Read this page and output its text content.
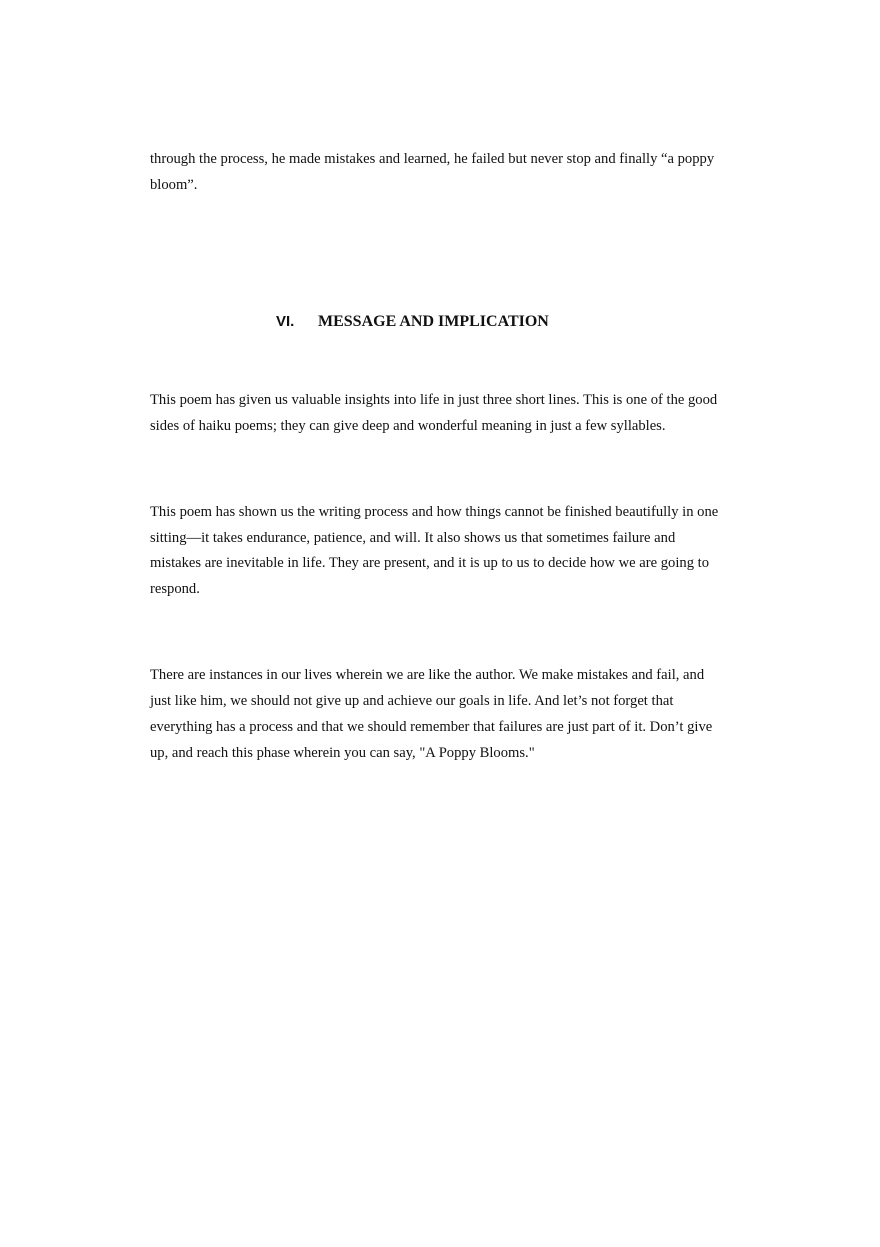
through the process, he made mistakes and learned, he failed but never stop and finally “a poppy
bloom”.
VI. MESSAGE AND IMPLICATION
This poem has given us valuable insights into life in just three short lines. This is one of the good
sides of haiku poems; they can give deep and wonderful meaning in just a few syllables.
This poem has shown us the writing process and how things cannot be finished beautifully in one
sitting—it takes endurance, patience, and will. It also shows us that sometimes failure and
mistakes are inevitable in life. They are present, and it is up to us to decide how we are going to
respond.
There are instances in our lives wherein we are like the author. We make mistakes and fail, and
just like him, we should not give up and achieve our goals in life. And let’s not forget that
everything has a process and that we should remember that failures are just part of it. Don’t give
up, and reach this phase wherein you can say, "A Poppy Blooms."
